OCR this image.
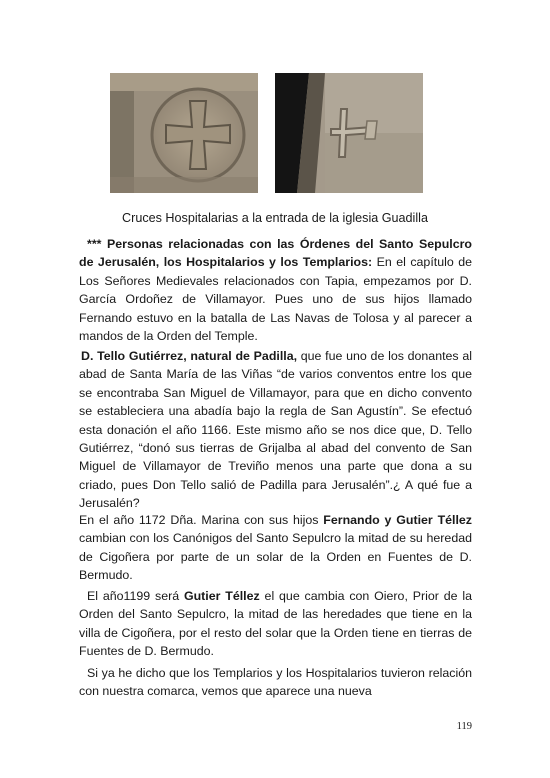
Cruces Hospitalarias a la entrada de la iglesia Guadilla

*** Personas relacionadas con las Órdenes del Santo Sepulcro de Jerusalén, los Hospitalarios y los Templarios: En el capítulo de Los Señores Medievales relacionados con Tapia, empezamos por D. García Ordoñez de Villamayor. Pues uno de sus hijos llamado Fernando estuvo en la batalla de Las Navas de Tolosa y al parecer a mandos de la Orden del Temple.

D. Tello Gutiérrez, natural de Padilla, que fue uno de los donantes al abad de Santa María de las Viñas “de varios conventos entre los que se encontraba San Miguel de Villamayor, para que en dicho convento se estableciera una abadía bajo la regla de San Agustín”. Se efectuó esta donación el año 1166. Este mismo año se nos dice que, D. Tello Gutiérrez, “donó sus tierras de Grijalba al abad del convento de San Miguel de Villamayor de Treviño menos una parte que dona a su criado, pues Don Tello salió de Padilla para Jerusalén”.¿ A qué fue a Jerusalén?

En el año 1172 Dña. Marina con sus hijos Fernando y Gutier Téllez cambian con los Canónigos del Santo Sepulcro la mitad de su heredad de Cigoñera por parte de un solar de la Orden en Fuentes de D. Bermudo.

El año1199 será Gutier Téllez el que cambia con Oiero, Prior de la Orden del Santo Sepulcro, la mitad de las heredades que tiene en la villa de Cigoñera, por el resto del solar que la Orden tiene en tierras de Fuentes de D. Bermudo.

Si ya he dicho que los Templarios y los Hospitalarios tuvieron relación con nuestra comarca, vemos que aparece una nueva

119
